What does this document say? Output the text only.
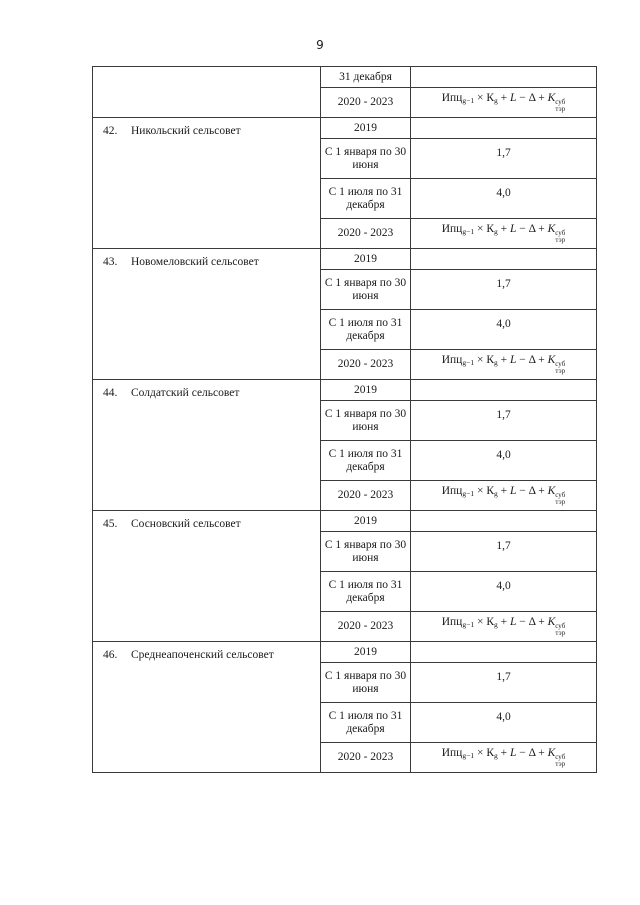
9
	31 декабря	
	2020 - 2023	$Ипц_{g-1} \times К_g + L - \Delta + K$ суб
тэр

42. Никольский сельсовет	2019	
	С 1 января по 30 июня	1,7
	С 1 июля по 31 декабря	4,0
	2020 - 2023	$Ипц_{g-1} \times К_g + L - \Delta + K$ суб
тэр

43. Новомеловский сельсовет	2019	
	С 1 января по 30 июня	1,7
	С 1 июля по 31 декабря	4,0
	2020 - 2023	$Ипц_{g-1} \times К_g + L - \Delta + K$ суб
тэр

44. Солдатский сельсовет	2019	
	С 1 января по 30 июня	1,7
	С 1 июля по 31 декабря	4,0
	2020 - 2023	$Ипц_{g-1} \times К_g + L - \Delta + K$ суб
тэр

45. Сосновский сельсовет	2019	
	С 1 января по 30 июня	1,7
	С 1 июля по 31 декабря	4,0
	2020 - 2023	$Ипц_{g-1} \times К_g + L - \Delta + K$ суб
тэр

46. Среднеапоченский сельсовет	2019	
	С 1 января по 30 июня	1,7
	С 1 июля по 31 декабря	4,0
	2020 - 2023	$Ипц_{g-1} \times К_g + L - \Delta + K$ суб
тэр
